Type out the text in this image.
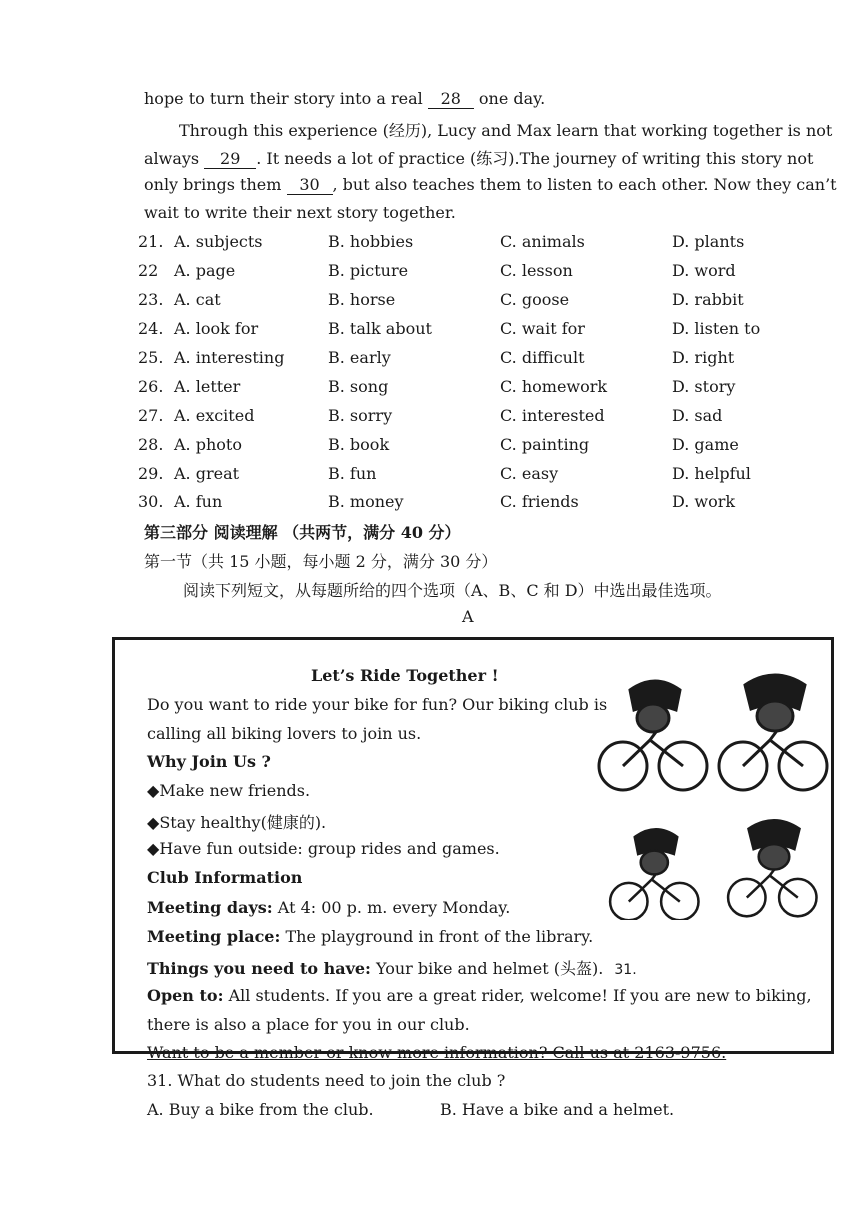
hope to turn their story into a real 28 one day.
Through this experience (经历), Lucy and Max learn that working together is not
always 29 . It needs a lot of practice (练习).The journey of writing this story not
only brings them 30 , but also teaches them to listen to each other. Now they can’t
wait to write their next story together.
21. A. subjects	B. hobbies	C. animals	D. plants
22 A. page	B. picture	C. lesson	D. word
23. A. cat	B. horse	C. goose	D. rabbit
24. A. look for	B. talk about	C. wait for	D. listen to
25. A. interesting	B. early	C. difficult	D. right
26. A. letter	B. song	C. homework	D. story
27. A. excited	B. sorry	C. interested	D. sad
28. A. photo	B. book	C. painting	D. game
29. A. great	B. fun	C. easy	D. helpful
30. A. fun	B. money	C. friends	D. work
第三部分 阅读理解 （共两节，满分 40 分）
第一节（共 15 小题，每小题 2 分，满分 30 分）
阅读下列短文，从每题所给的四个选项（A、B、C 和 D）中选出最佳选项。
A
Let’s Ride Together !
Do you want to ride your bike for fun? Our biking club is
calling all biking lovers to join us.
Why Join Us ?
◆Make new friends.
◆Stay healthy(健康的).
◆Have fun outside: group rides and games.
Club Information
Meeting days: At 4: 00 p. m. every Monday.
Meeting place: The playground in front of the library.
Things you need to have: Your bike and helmet (头盔). 31.
Open to: All students. If you are a great rider, welcome! If you are new to biking,
there is also a place for you in our club.
Want to be a member or know more information? Call us at 2163-9756.
31. What do students need to join the club ?
A. Buy a bike from the club.	B. Have a bike and a helmet.
